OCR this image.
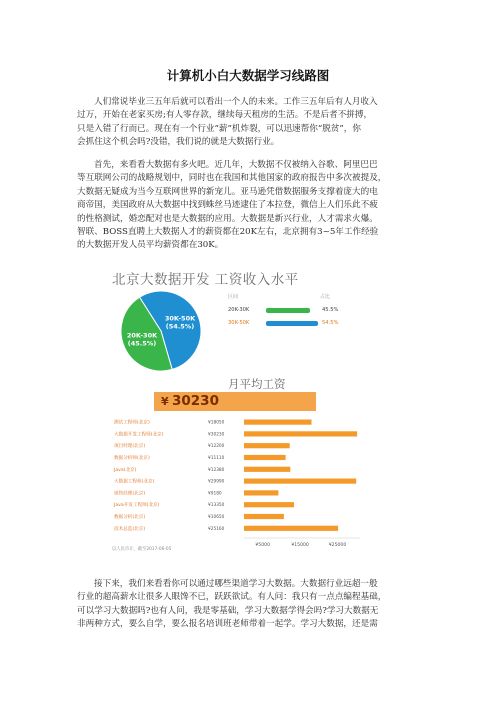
计算机小白大数据学习线路图
人们常说毕业三五年后就可以看出一个人的未来。工作三五年后有人月收入
过万，开始在老家买房;有人零存款，继续每天租房的生活。不是后者不拼搏，
只是入错了行而已。现在有一个行业“薪”机炸裂，可以迅速帮你“脱贫”，你
会抓住这个机会吗?没错，我们说的就是大数据行业。
首先，来看看大数据有多火吧。近几年，大数据不仅被纳入谷歌、阿里巴巴
等互联网公司的战略规划中，同时也在我国和其他国家的政府报告中多次被提及，
大数据无疑成为当今互联网世界的新宠儿。亚马逊凭借数据服务支撑着庞大的电
商帝国，美国政府从大数据中找到蛛丝马迹逮住了本拉登，微信上人们乐此不疲
的性格测试，婚恋配对也是大数据的应用。大数据是新兴行业，人才需求火爆。
智联、BOSS直聘上大数据人才的薪资都在20K左右，北京拥有3~5年工作经验
的大数据开发人员平均薪资都在30K。
北京大数据开发 工资收入水平
30K-50K
(54.5%)
20K-30K
(45.5%)
区间	占比
20K-30K	45.5%
30K-50K	54.5%
月平均工资
¥ 30230
测试工程师(北京)	¥18050
大数据开发工程师(北京)	¥30230
项目经理(北京)	¥12200
数据分析师(北京)	¥11110
Java(北京)	¥12380
大数据工程师(北京)	¥29990
销售经理(北京)	¥9180
Java开发工程师(北京)	¥13350
数据分析(北京)	¥10650
技术总监(北京)	¥25160
¥5000	¥15000	¥25000
以人民币计，截至2017-06-05
接下来，我们来看看你可以通过哪些渠道学习大数据。大数据行业远超一般
行业的超高薪水让很多人眼馋不已，跃跃欲试。有人问：我只有一点点编程基础，
可以学习大数据吗?也有人问，我是零基础，学习大数据学得会吗?学习大数据无
非两种方式，要么自学，要么报名培训班老师带着一起学。学习大数据，还是需
